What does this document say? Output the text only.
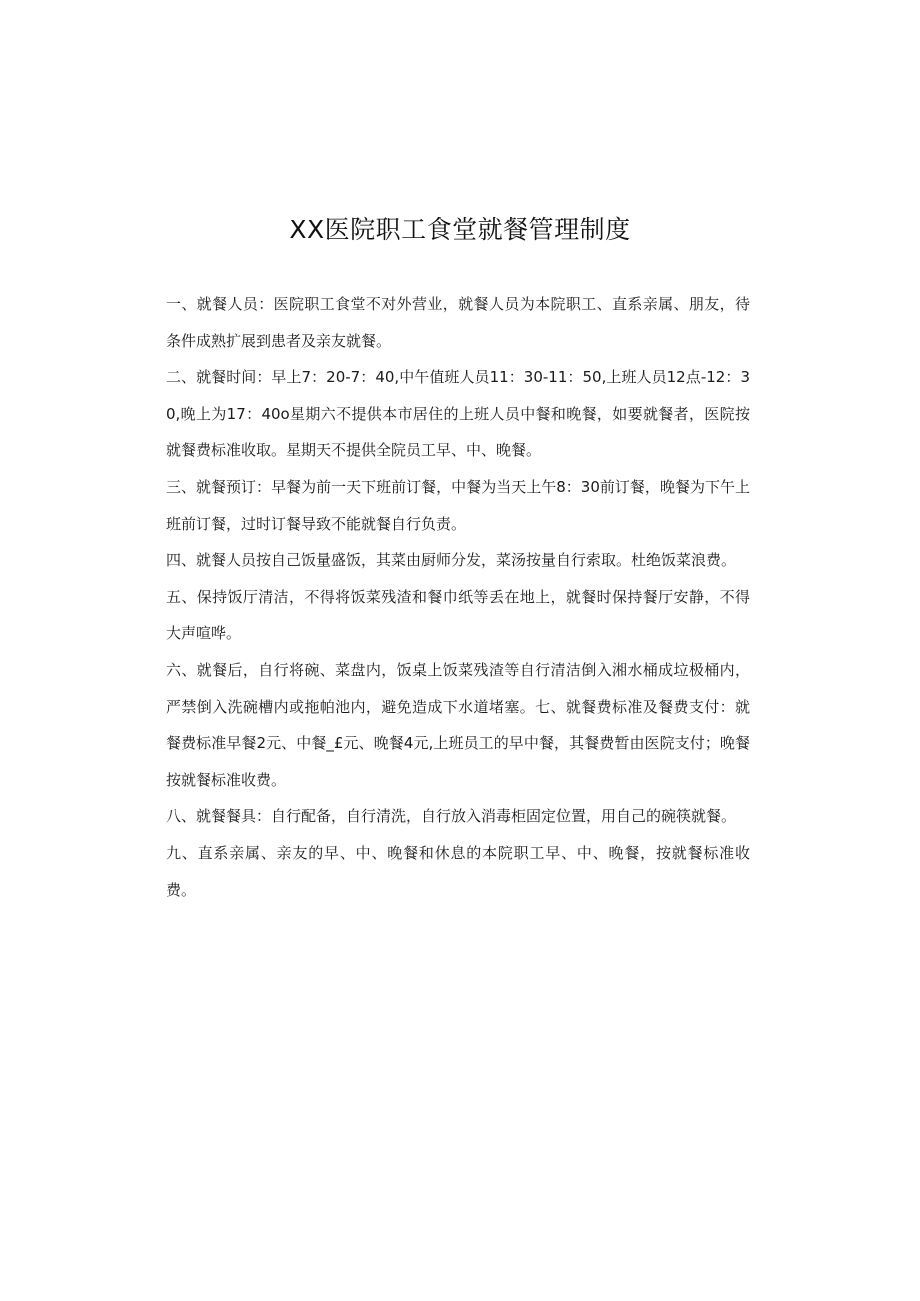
XX医院职工食堂就餐管理制度

一、就餐人员：医院职工食堂不对外营业，就餐人员为本院职工、直系亲属、朋友，待条件成熟扩展到患者及亲友就餐。

二、就餐时间：早上7：20-7：40,中午值班人员11：30-11：50,上班人员12点-12：30,晚上为17：40o星期六不提供本市居住的上班人员中餐和晚餐，如要就餐者，医院按就餐费标准收取。星期天不提供全院员工早、中、晚餐。

三、就餐预订：早餐为前一天下班前订餐，中餐为当天上午8：30前订餐，晚餐为下午上班前订餐，过时订餐导致不能就餐自行负责。

四、就餐人员按自己饭量盛饭，其菜由厨师分发，菜汤按量自行索取。杜绝饭菜浪费。

五、保持饭厅清洁，不得将饭菜残渣和餐巾纸等丢在地上，就餐时保持餐厅安静，不得大声喧哗。

六、就餐后，自行将碗、菜盘内，饭桌上饭菜残渣等自行清洁倒入湘水桶成垃极桶内，严禁倒入洗碗槽内或拖帕池内，避免造成下水道堵塞。七、就餐费标准及餐费支付：就餐费标准早餐2元、中餐_£元、晚餐4元,上班员工的早中餐，其餐费暂由医院支付；晚餐按就餐标准收费。

八、就餐餐具：自行配备，自行清洗，自行放入消毒柜固定位置，用自己的碗筷就餐。

九、直系亲属、亲友的早、中、晚餐和休息的本院职工早、中、晚餐，按就餐标准收费。
